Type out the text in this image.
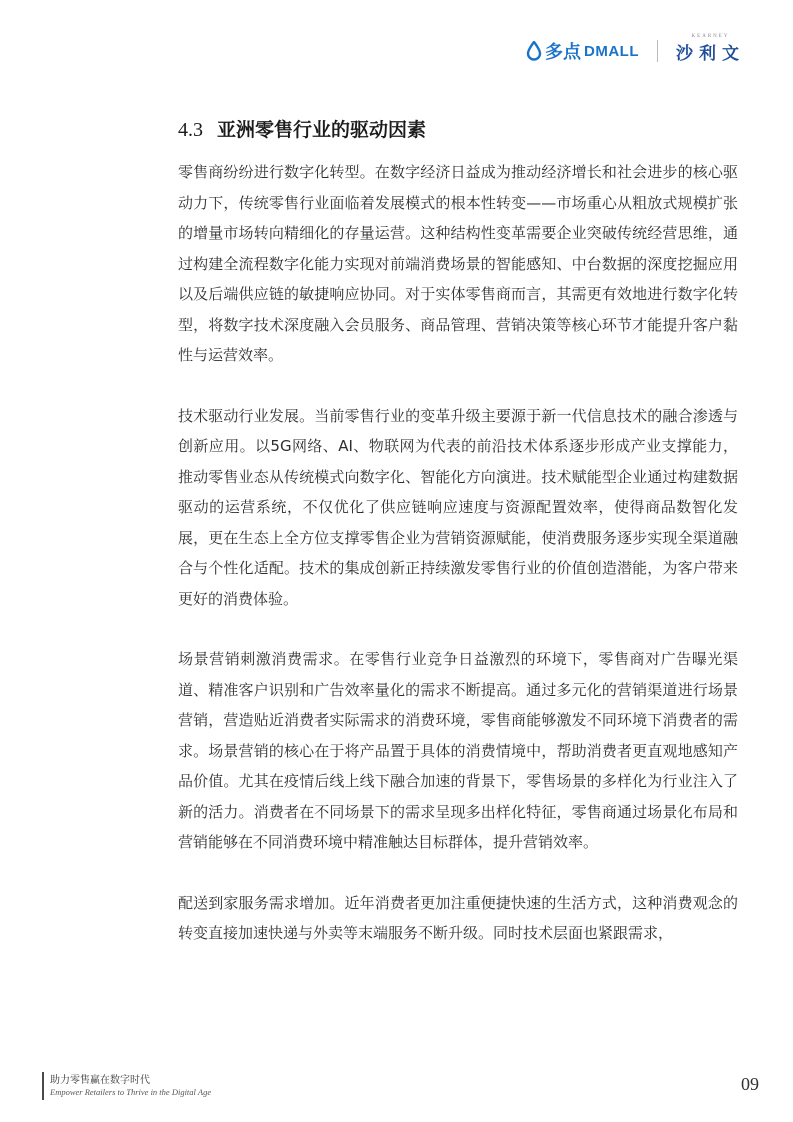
多点 DMALL
KEARNEY
沙利文
4.3 亚洲零售行业的驱动因素

零售商纷纷进行数字化转型。在数字经济日益成为推动经济增长和社会进步的核心驱动力下，传统零售行业面临着发展模式的根本性转变——市场重心从粗放式规模扩张的增量市场转向精细化的存量运营。这种结构性变革需要企业突破传统经营思维，通过构建全流程数字化能力实现对前端消费场景的智能感知、中台数据的深度挖掘应用以及后端供应链的敏捷响应协同。对于实体零售商而言，其需更有效地进行数字化转型，将数字技术深度融入会员服务、商品管理、营销决策等核心环节才能提升客户黏性与运营效率。

技术驱动行业发展。当前零售行业的变革升级主要源于新一代信息技术的融合渗透与创新应用。以5G网络、AI、物联网为代表的前沿技术体系逐步形成产业支撑能力，推动零售业态从传统模式向数字化、智能化方向演进。技术赋能型企业通过构建数据驱动的运营系统，不仅优化了供应链响应速度与资源配置效率，使得商品数智化发展，更在生态上全方位支撑零售企业为营销资源赋能，使消费服务逐步实现全渠道融合与个性化适配。技术的集成创新正持续激发零售行业的价值创造潜能，为客户带来更好的消费体验。

场景营销刺激消费需求。在零售行业竞争日益激烈的环境下，零售商对广告曝光渠道、精准客户识别和广告效率量化的需求不断提高。通过多元化的营销渠道进行场景营销，营造贴近消费者实际需求的消费环境，零售商能够激发不同环境下消费者的需求。场景营销的核心在于将产品置于具体的消费情境中，帮助消费者更直观地感知产品价值。尤其在疫情后线上线下融合加速的背景下，零售场景的多样化为行业注入了新的活力。消费者在不同场景下的需求呈现多出样化特征，零售商通过场景化布局和营销能够在不同消费环境中精准触达目标群体，提升营销效率。

配送到家服务需求增加。近年消费者更加注重便捷快速的生活方式，这种消费观念的转变直接加速快递与外卖等末端服务不断升级。同时技术层面也紧跟需求，

助力零售赢在数字时代
Empower Retailers to Thrive in the Digital Age	09
